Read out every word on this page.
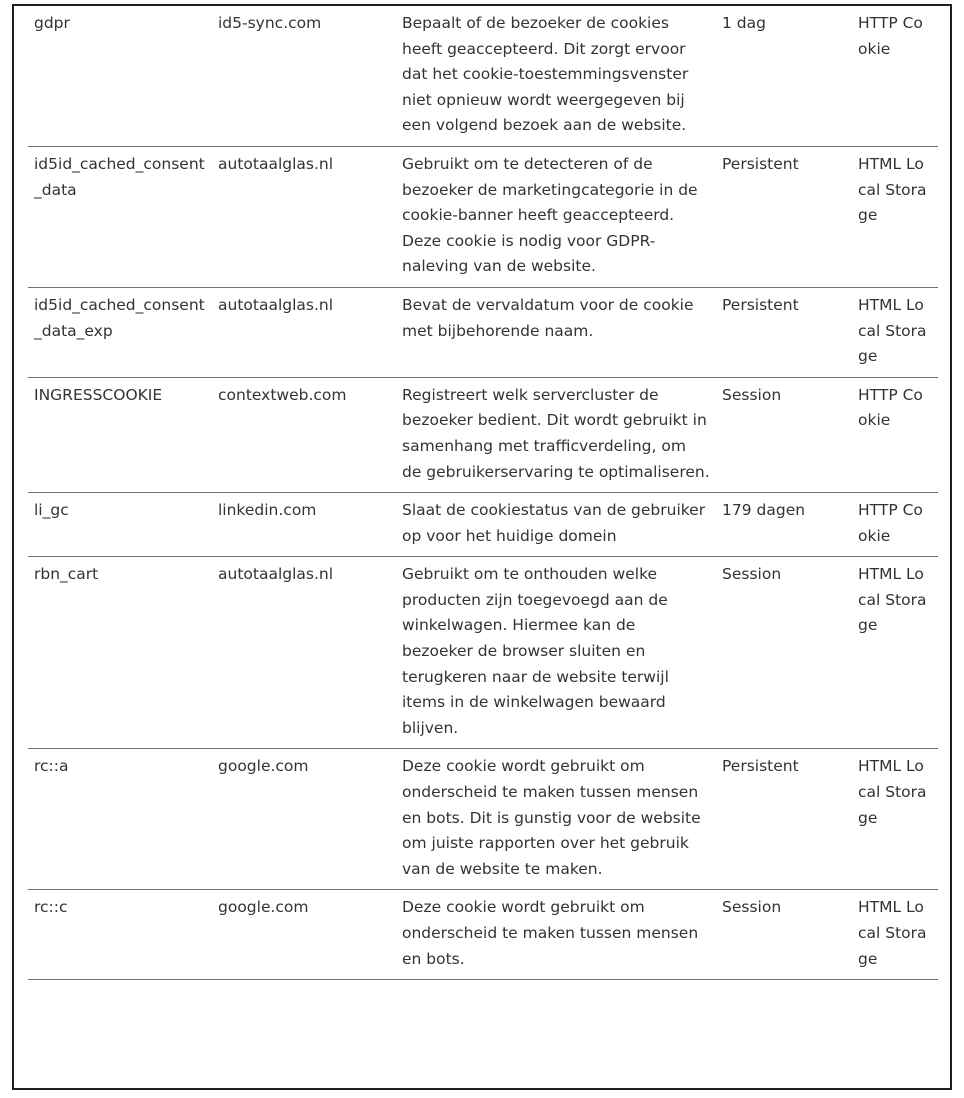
gdpr	id5-sync.com	Bepaalt of de bezoeker de cookies heeft geaccepteerd. Dit zorgt ervoor dat het cookie-toestemmingsvenster niet opnieuw wordt weergegeven bij een volgend bezoek aan de website.	1 dag	HTTP Cookie
id5id_cached_consent_data	autotaalglas.nl	Gebruikt om te detecteren of de bezoeker de marketingcategorie in de cookie-banner heeft geaccepteerd. Deze cookie is nodig voor GDPR-naleving van de website.	Persistent	HTML Local Storage
id5id_cached_consent_data_exp	autotaalglas.nl	Bevat de vervaldatum voor de cookie met bijbehorende naam.	Persistent	HTML Local Storage
INGRESSCOOKIE	contextweb.com	Registreert welk servercluster de bezoeker bedient. Dit wordt gebruikt in samenhang met trafficverdeling, om de gebruikerservaring te optimaliseren.	Session	HTTP Cookie
li_gc	linkedin.com	Slaat de cookiestatus van de gebruiker op voor het huidige domein	179 dagen	HTTP Cookie
rbn_cart	autotaalglas.nl	Gebruikt om te onthouden welke producten zijn toegevoegd aan de winkelwagen. Hiermee kan de bezoeker de browser sluiten en terugkeren naar de website terwijl items in de winkelwagen bewaard blijven.	Session	HTML Local Storage
rc::a	google.com	Deze cookie wordt gebruikt om onderscheid te maken tussen mensen en bots. Dit is gunstig voor de website om juiste rapporten over het gebruik van de website te maken.	Persistent	HTML Local Storage
rc::c	google.com	Deze cookie wordt gebruikt om onderscheid te maken tussen mensen en bots.	Session	HTML Local Storage
